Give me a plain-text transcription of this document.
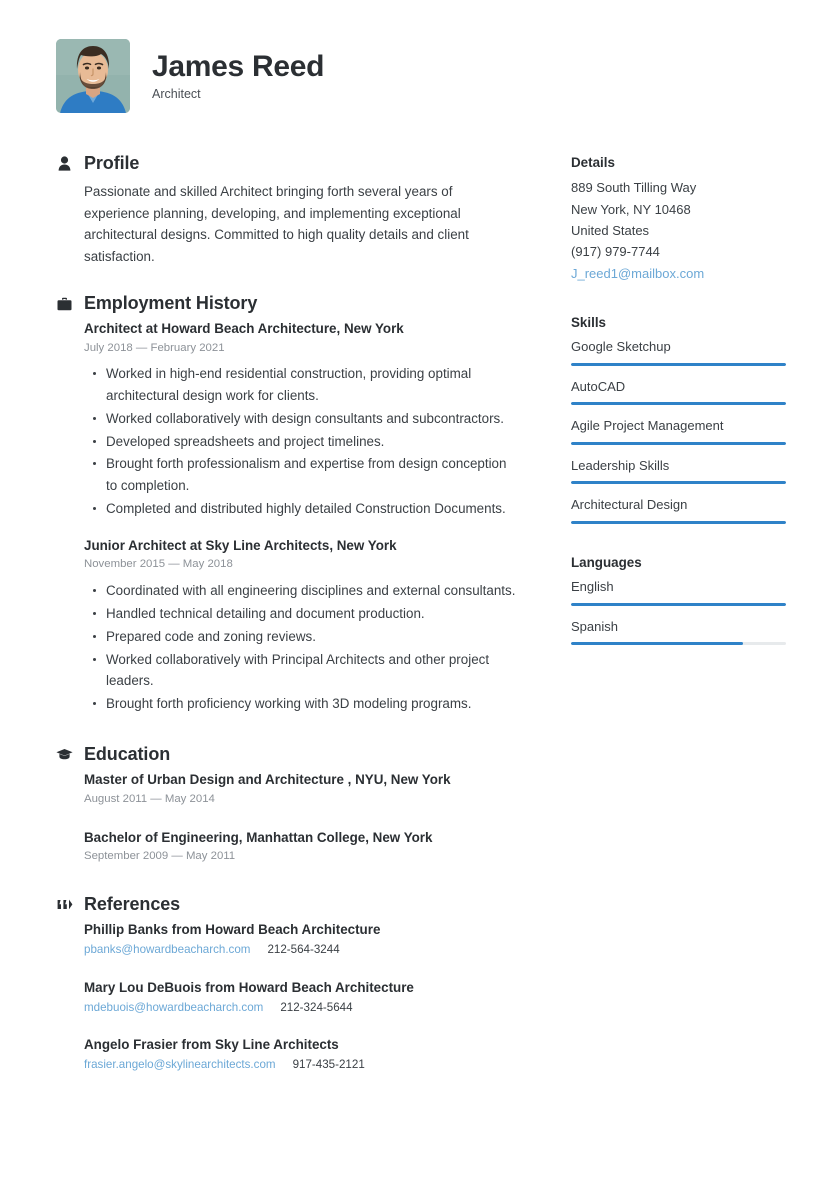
James Reed
Architect
Profile
Passionate and skilled Architect bringing forth several years of experience planning, developing, and implementing exceptional architectural designs. Committed to high quality details and client satisfaction.
Employment History
Architect at Howard Beach Architecture, New York
July 2018 — February 2021
Worked in high-end residential construction, providing optimal architectural design work for clients.
Worked collaboratively with design consultants and subcontractors.
Developed spreadsheets and project timelines.
Brought forth professionalism and expertise from design conception to completion.
Completed and distributed highly detailed Construction Documents.
Junior Architect at Sky Line Architects, New York
November 2015 — May 2018
Coordinated with all engineering disciplines and external consultants.
Handled technical detailing and document production.
Prepared code and zoning reviews.
Worked collaboratively with Principal Architects and other project leaders.
Brought forth proficiency working with 3D modeling programs.
Education
Master of Urban Design and Architecture , NYU, New York
August 2011 — May 2014
Bachelor of Engineering, Manhattan College, New York
September 2009 — May 2011
References
Phillip Banks from Howard Beach Architecture
pbanks@howardbeacharch.com 212-564-3244
Mary Lou DeBuois from Howard Beach Architecture
mdebuois@howardbeacharch.com 212-324-5644
Angelo Frasier from Sky Line Architects
frasier.angelo@skylinearchitects.com 917-435-2121
Details
889 South Tilling Way
New York, NY 10468
United States
(917) 979-7744
J_reed1@mailbox.com
Skills
Google Sketchup
AutoCAD
Agile Project Management
Leadership Skills
Architectural Design
Languages
English
Spanish
